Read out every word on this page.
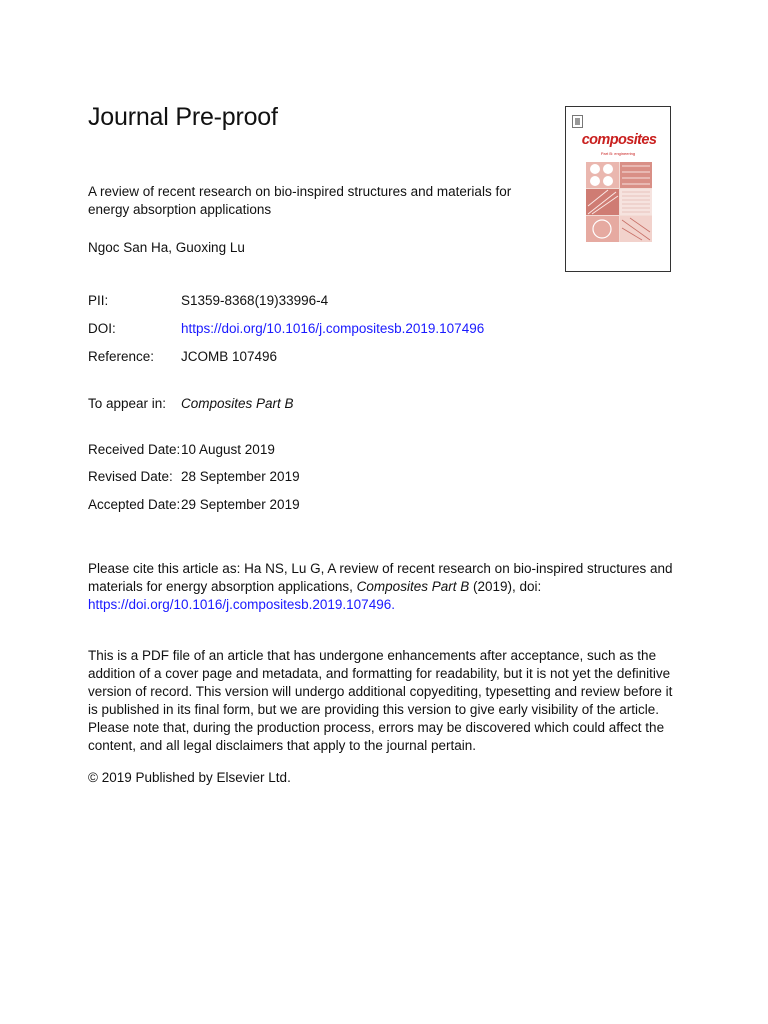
Journal Pre-proof
A review of recent research on bio-inspired structures and materials for energy absorption applications
Ngoc San Ha, Guoxing Lu
PII:	S1359-8368(19)33996-4
DOI:	https://doi.org/10.1016/j.compositesb.2019.107496
Reference: JCOMB 107496
To appear in: Composites Part B
Received Date:10 August 2019
Revised Date: 28 September 2019
Accepted Date:29 September 2019
Please cite this article as: Ha NS, Lu G, A review of recent research on bio-inspired structures and materials for energy absorption applications, Composites Part B (2019), doi: https://doi.org/10.1016/j.compositesb.2019.107496.
This is a PDF file of an article that has undergone enhancements after acceptance, such as the addition of a cover page and metadata, and formatting for readability, but it is not yet the definitive version of record. This version will undergo additional copyediting, typesetting and review before it is published in its final form, but we are providing this version to give early visibility of the article. Please note that, during the production process, errors may be discovered which could affect the content, and all legal disclaimers that apply to the journal pertain.
© 2019 Published by Elsevier Ltd.
composites
Part B: engineering
